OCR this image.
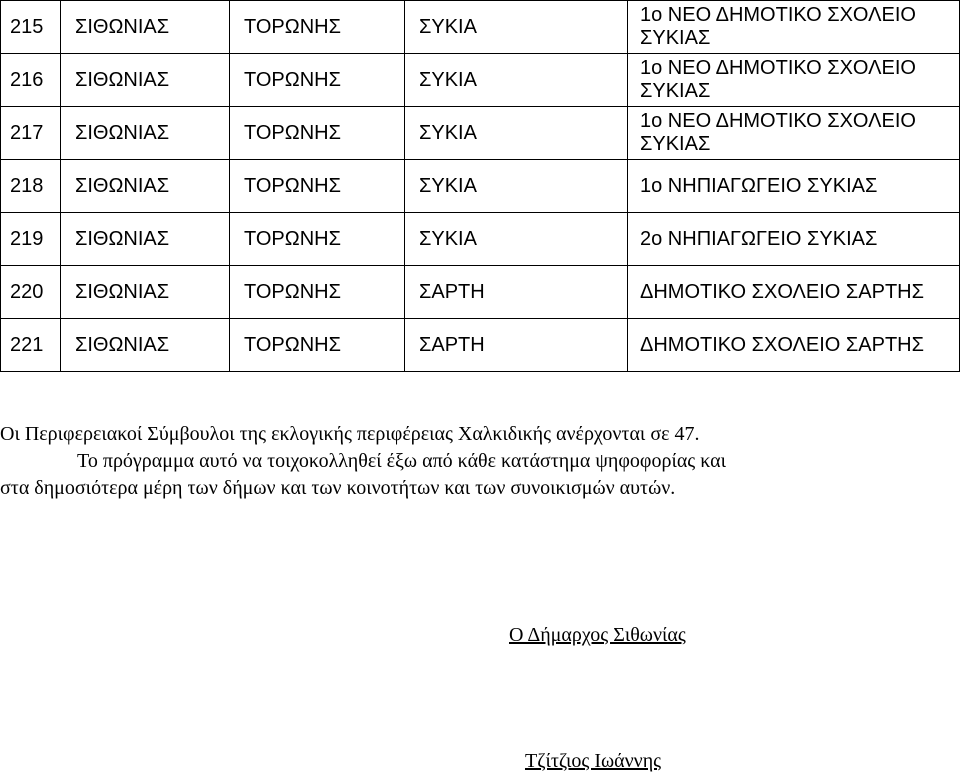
215	ΣΙΘΩΝΙΑΣ	ΤΟΡΩΝΗΣ	ΣΥΚΙΑ	1ο ΝΕΟ ΔΗΜΟΤΙΚΟ ΣΧΟΛΕΙΟ ΣΥΚΙΑΣ
216	ΣΙΘΩΝΙΑΣ	ΤΟΡΩΝΗΣ	ΣΥΚΙΑ	1ο ΝΕΟ ΔΗΜΟΤΙΚΟ ΣΧΟΛΕΙΟ ΣΥΚΙΑΣ
217	ΣΙΘΩΝΙΑΣ	ΤΟΡΩΝΗΣ	ΣΥΚΙΑ	1ο ΝΕΟ ΔΗΜΟΤΙΚΟ ΣΧΟΛΕΙΟ ΣΥΚΙΑΣ
218	ΣΙΘΩΝΙΑΣ	ΤΟΡΩΝΗΣ	ΣΥΚΙΑ	1ο ΝΗΠΙΑΓΩΓΕΙΟ ΣΥΚΙΑΣ
219	ΣΙΘΩΝΙΑΣ	ΤΟΡΩΝΗΣ	ΣΥΚΙΑ	2ο ΝΗΠΙΑΓΩΓΕΙΟ ΣΥΚΙΑΣ
220	ΣΙΘΩΝΙΑΣ	ΤΟΡΩΝΗΣ	ΣΑΡΤΗ	ΔΗΜΟΤΙΚΟ ΣΧΟΛΕΙΟ ΣΑΡΤΗΣ
221	ΣΙΘΩΝΙΑΣ	ΤΟΡΩΝΗΣ	ΣΑΡΤΗ	ΔΗΜΟΤΙΚΟ ΣΧΟΛΕΙΟ ΣΑΡΤΗΣ

Οι Περιφερειακοί Σύμβουλοι της εκλογικής περιφέρειας Χαλκιδικής ανέρχονται σε 47.

Το πρόγραμμα αυτό να τοιχοκολληθεί έξω από κάθε κατάστημα ψηφοφορίας και

στα δημοσιότερα μέρη των δήμων και των κοινοτήτων και των συνοικισμών αυτών.

Ο Δήμαρχος Σιθωνίας
Τζίτζιος Ιωάννης
